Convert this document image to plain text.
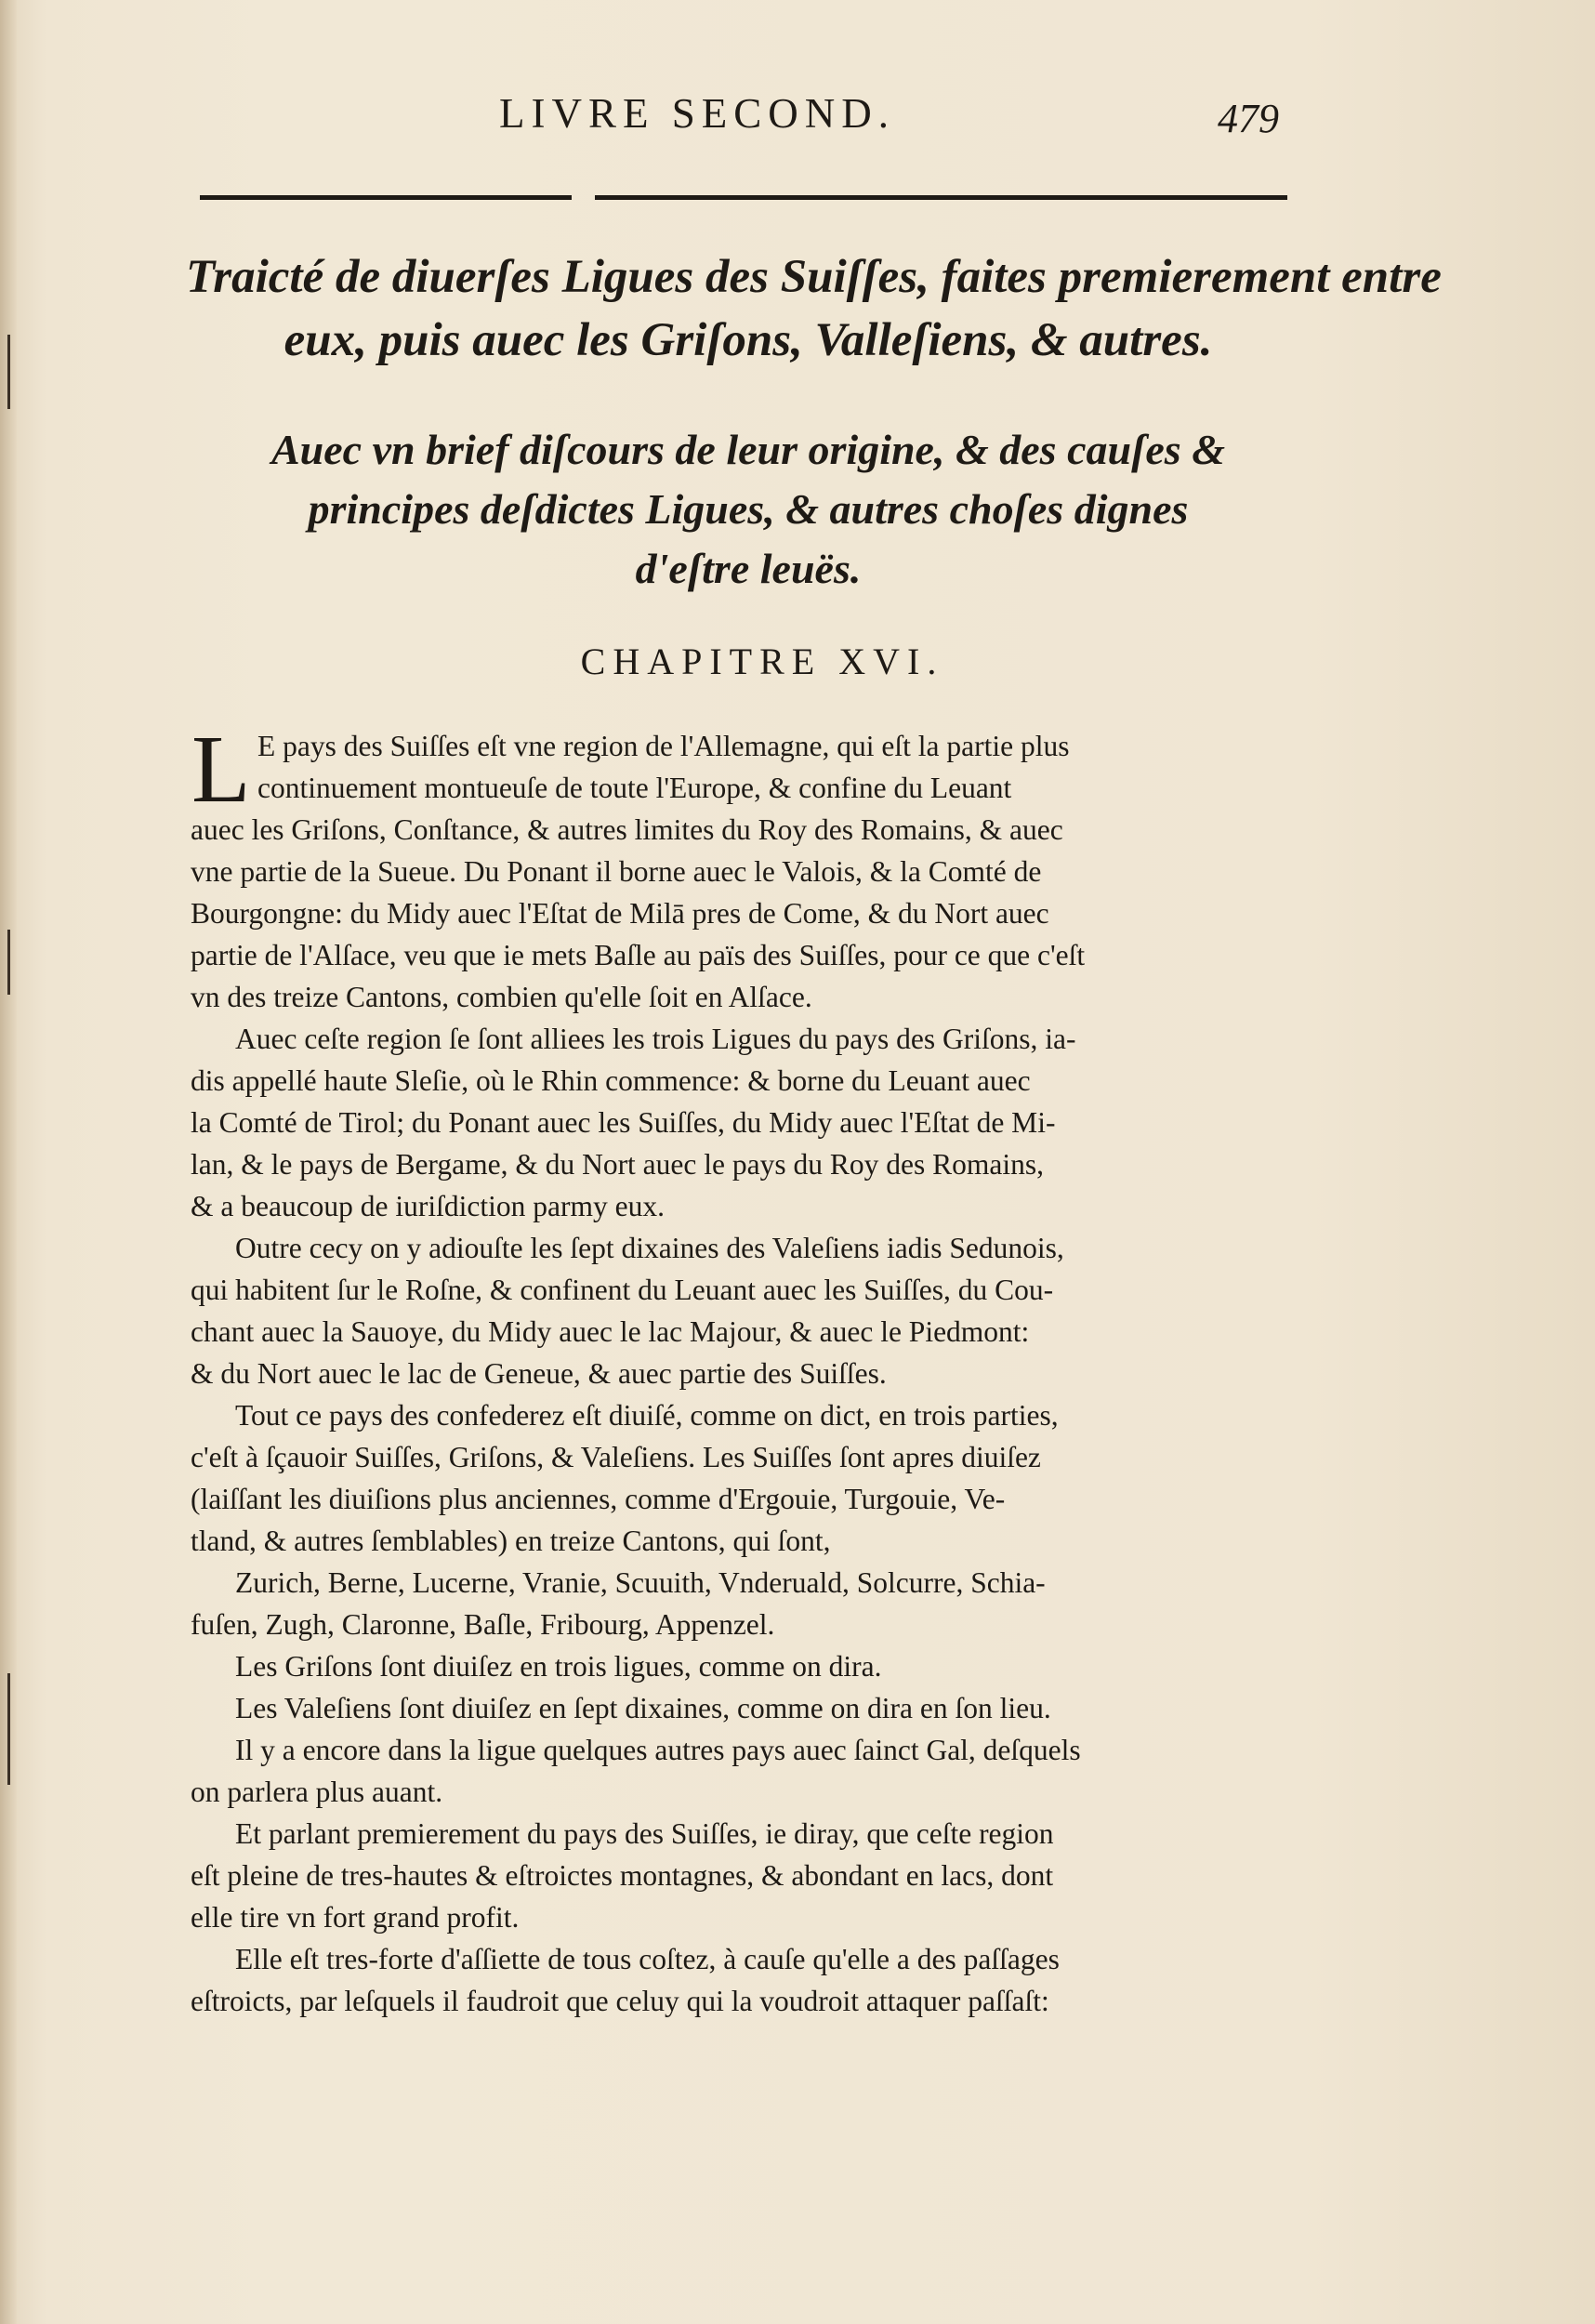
LIVRE SECOND.	479
Traicté de diuerſes Ligues des Suiſſes, faites premierement entre
eux, puis auec les Griſons, Valleſiens, & autres.
Auec vn brief diſcours de leur origine, & des cauſes &
principes deſdictes Ligues, & autres choſes dignes
d'eſtre leuës.
CHAPITRE XVI.
L E pays des Suiſſes eſt vne region de l'Allemagne, qui eſt la partie plus
continuement montueuſe de toute l'Europe, & confine du Leuant
auec les Griſons, Conſtance, & autres limites du Roy des Romains, & auec
vne partie de la Sueue. Du Ponant il borne auec le Valois, & la Comté de
Bourgongne: du Midy auec l'Eſtat de Milā pres de Come, & du Nort auec
partie de l'Alſace, veu que ie mets Baſle au païs des Suiſſes, pour ce que c'eſt
vn des treize Cantons, combien qu'elle ſoit en Alſace.
Auec ceſte region ſe ſont alliees les trois Ligues du pays des Griſons, ia-
dis appellé haute Sleſie, où le Rhin commence: & borne du Leuant auec
la Comté de Tirol; du Ponant auec les Suiſſes, du Midy auec l'Eſtat de Mi-
lan, & le pays de Bergame, & du Nort auec le pays du Roy des Romains,
& a beaucoup de iuriſdiction parmy eux.
Outre cecy on y adiouſte les ſept dixaines des Valeſiens iadis Sedunois,
qui habitent ſur le Roſne, & confinent du Leuant auec les Suiſſes, du Cou-
chant auec la Sauoye, du Midy auec le lac Majour, & auec le Piedmont:
& du Nort auec le lac de Geneue, & auec partie des Suiſſes.
Tout ce pays des confederez eſt diuiſé, comme on dict, en trois parties,
c'eſt à ſçauoir Suiſſes, Griſons, & Valeſiens. Les Suiſſes ſont apres diuiſez
(laiſſant les diuiſions plus anciennes, comme d'Ergouie, Turgouie, Ve-
tland, & autres ſemblables) en treize Cantons, qui ſont,
Zurich, Berne, Lucerne, Vranie, Scuuith, Vnderuald, Solcurre, Schia-
fuſen, Zugh, Claronne, Baſle, Fribourg, Appenzel.
Les Griſons ſont diuiſez en trois ligues, comme on dira.
Les Valeſiens ſont diuiſez en ſept dixaines, comme on dira en ſon lieu.
Il y a encore dans la ligue quelques autres pays auec ſainct Gal, deſquels
on parlera plus auant.
Et parlant premierement du pays des Suiſſes, ie diray, que ceſte region
eſt pleine de tres-hautes & eſtroictes montagnes, & abondant en lacs, dont
elle tire vn fort grand profit.
Elle eſt tres-forte d'aſſiette de tous coſtez, à cauſe qu'elle a des paſſages
eſtroicts, par leſquels il faudroit que celuy qui la voudroit attaquer paſſaſt:
